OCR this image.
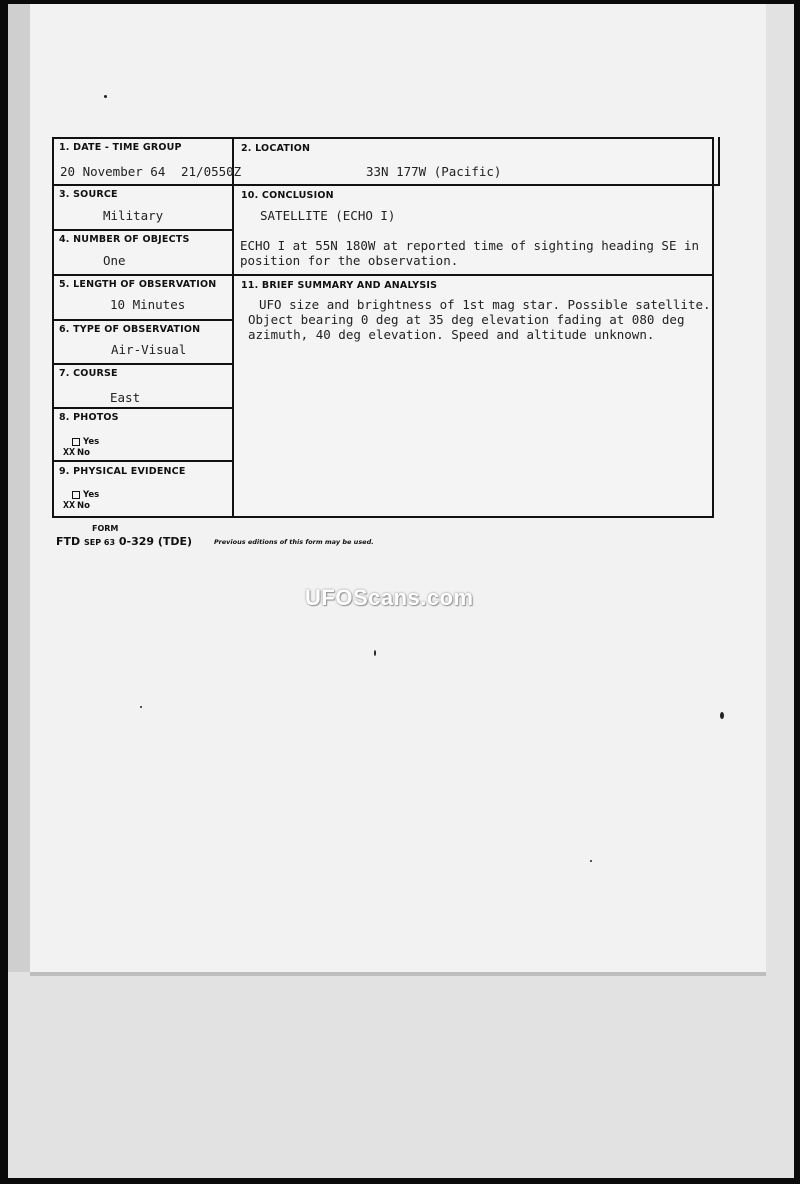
1. DATE - TIME GROUP
20 November 64 21/0550Z
2. LOCATION
33N 177W (Pacific)
3. SOURCE
Military
10. CONCLUSION
SATELLITE (ECHO I)
ECHO I at 55N 180W at reported time of sighting heading SE in
position for the observation.
4. NUMBER OF OBJECTS
One
5. LENGTH OF OBSERVATION
10 Minutes
11. BRIEF SUMMARY AND ANALYSIS
UFO size and brightness of 1st mag star. Possible satellite.
Object bearing 0 deg at 35 deg elevation fading at 080 deg
azimuth, 40 deg elevation. Speed and altitude unknown.
6. TYPE OF OBSERVATION
Air-Visual
7. COURSE
East
8. PHOTOS
Yes
XX No
9. PHYSICAL EVIDENCE
Yes
XX No
FORM
FTD SEP 63 0-329 (TDE)	Previous editions of this form may be used.
UFOScans.com
